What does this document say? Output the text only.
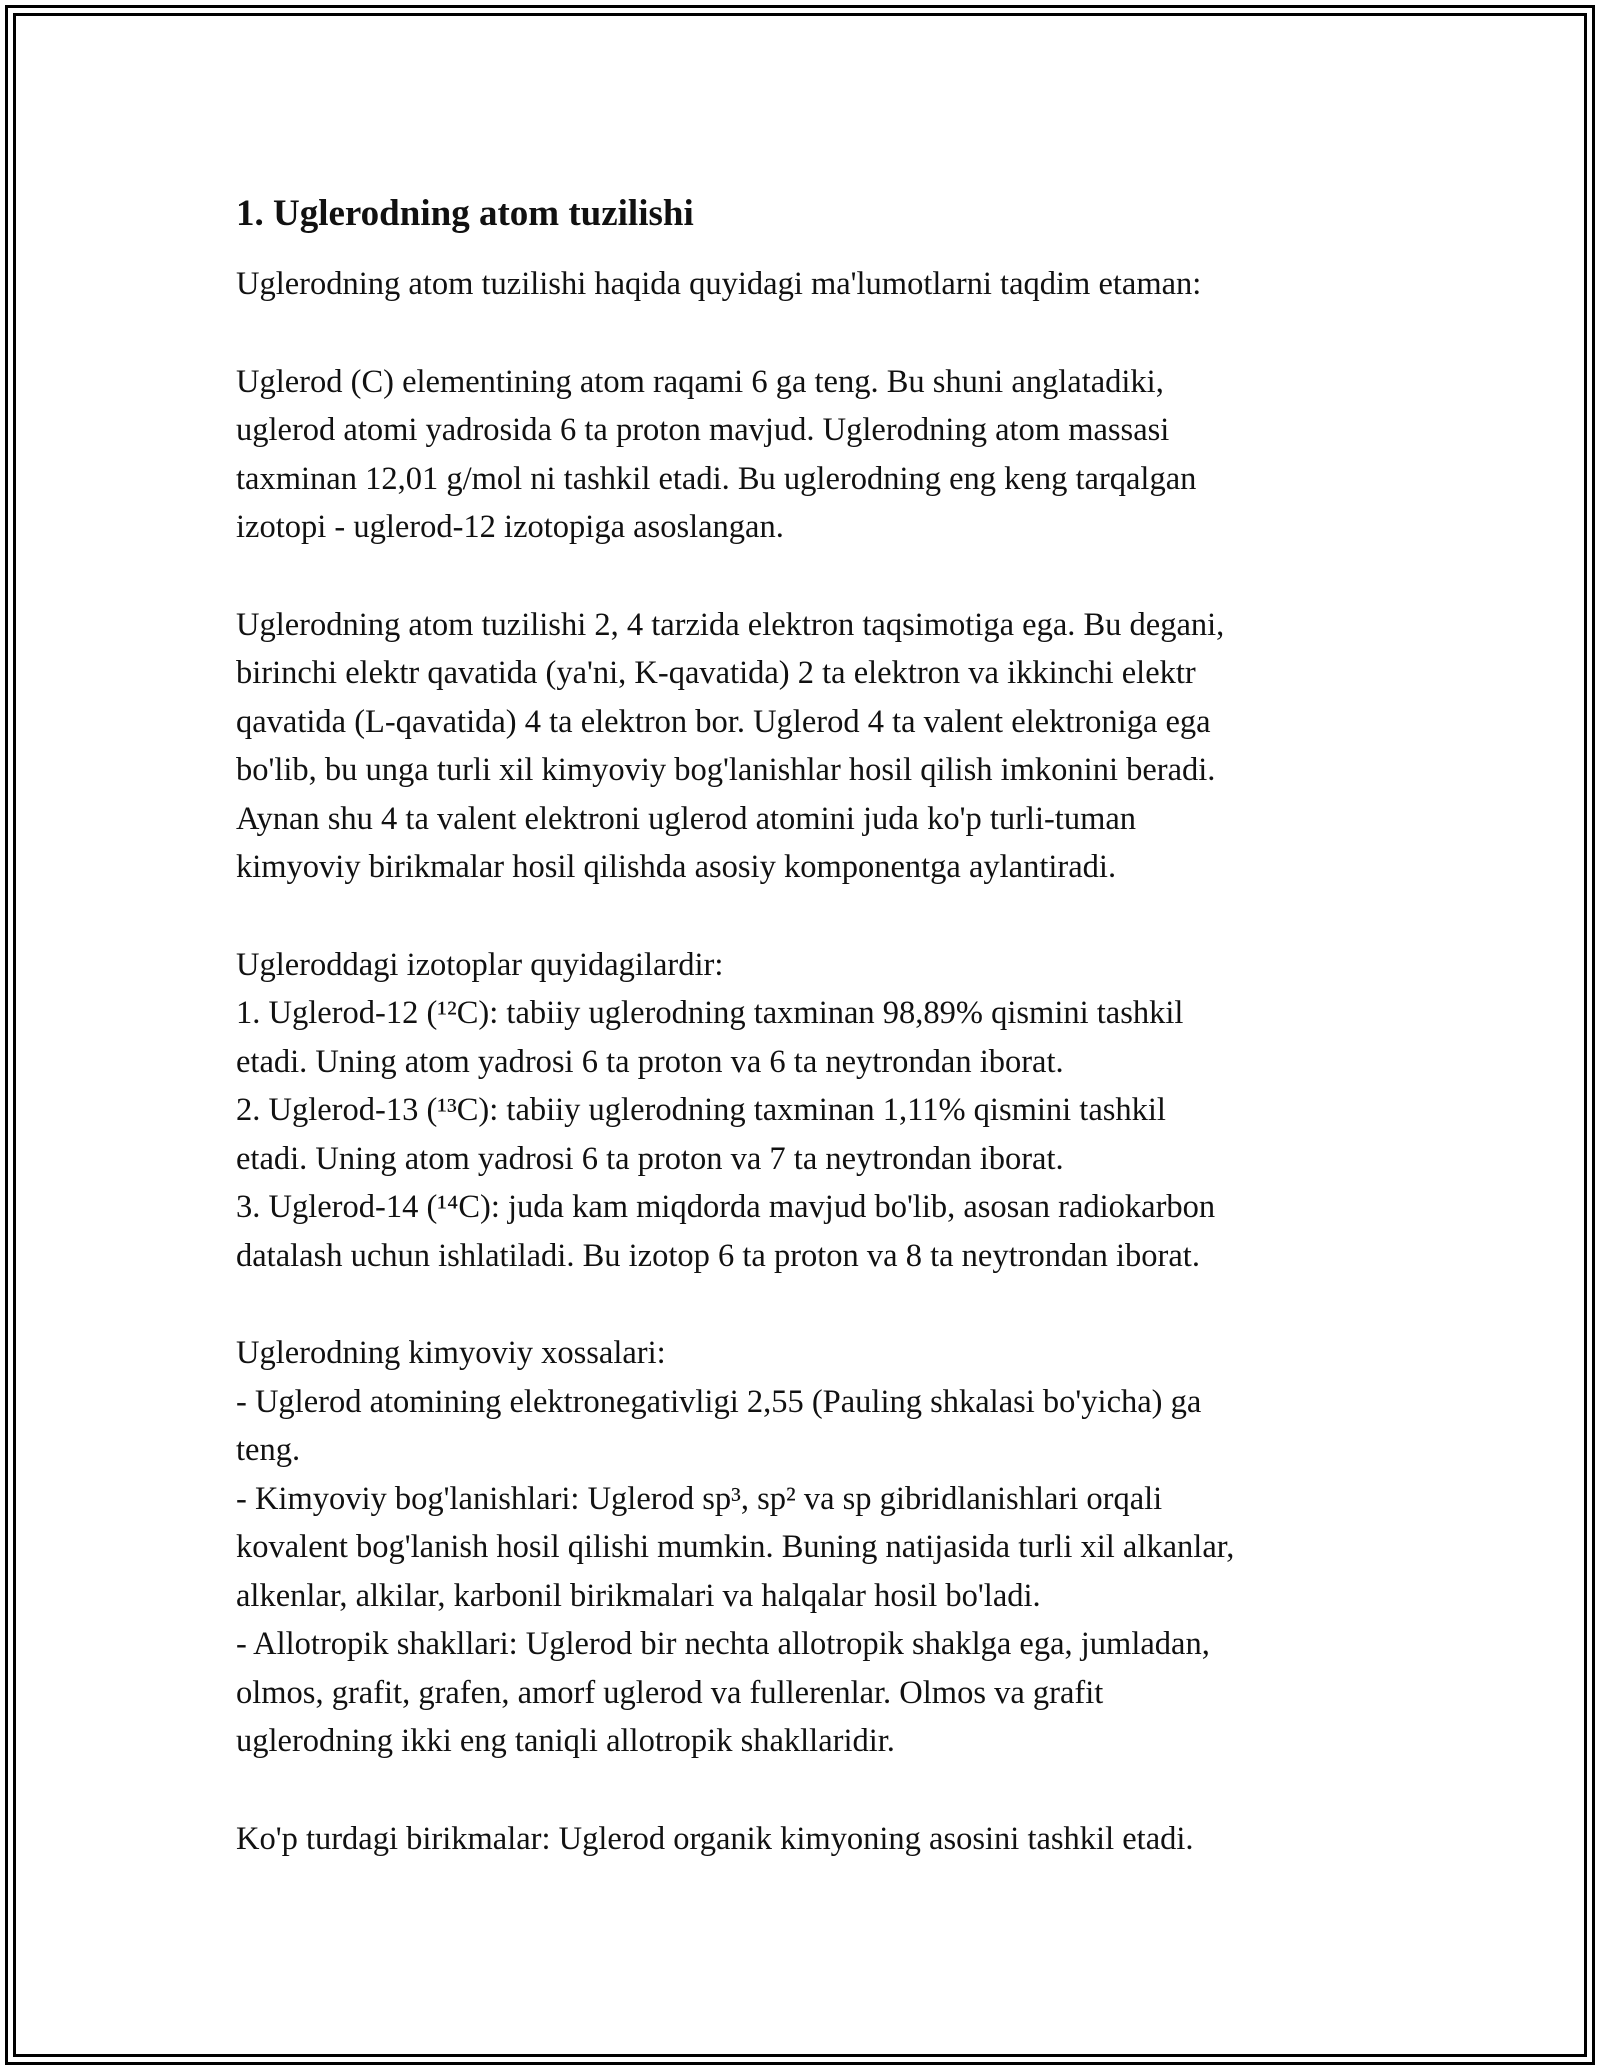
1. Uglerodning atom tuzilishi
Uglerodning atom tuzilishi haqida quyidagi ma'lumotlarni taqdim etaman:
Uglerod (C) elementining atom raqami 6 ga teng. Bu shuni anglatadiki,
uglerod atomi yadrosida 6 ta proton mavjud. Uglerodning atom massasi
taxminan 12,01 g/mol ni tashkil etadi. Bu uglerodning eng keng tarqalgan
izotopi - uglerod-12 izotopiga asoslangan.
Uglerodning atom tuzilishi 2, 4 tarzida elektron taqsimotiga ega. Bu degani,
birinchi elektr qavatida (ya'ni, K-qavatida) 2 ta elektron va ikkinchi elektr
qavatida (L-qavatida) 4 ta elektron bor. Uglerod 4 ta valent elektroniga ega
bo'lib, bu unga turli xil kimyoviy bog'lanishlar hosil qilish imkonini beradi.
Aynan shu 4 ta valent elektroni uglerod atomini juda ko'p turli-tuman
kimyoviy birikmalar hosil qilishda asosiy komponentga aylantiradi.
Ugleroddagi izotoplar quyidagilardir:
1. Uglerod-12 (¹²C): tabiiy uglerodning taxminan 98,89% qismini tashkil
etadi. Uning atom yadrosi 6 ta proton va 6 ta neytrondan iborat.
2. Uglerod-13 (¹³C): tabiiy uglerodning taxminan 1,11% qismini tashkil
etadi. Uning atom yadrosi 6 ta proton va 7 ta neytrondan iborat.
3. Uglerod-14 (¹⁴C): juda kam miqdorda mavjud bo'lib, asosan radiokarbon
datalash uchun ishlatiladi. Bu izotop 6 ta proton va 8 ta neytrondan iborat.
Uglerodning kimyoviy xossalari:
- Uglerod atomining elektronegativligi 2,55 (Pauling shkalasi bo'yicha) ga
teng.
- Kimyoviy bog'lanishlari: Uglerod sp³, sp² va sp gibridlanishlari orqali
kovalent bog'lanish hosil qilishi mumkin. Buning natijasida turli xil alkanlar,
alkenlar, alkilar, karbonil birikmalari va halqalar hosil bo'ladi.
- Allotropik shakllari: Uglerod bir nechta allotropik shaklga ega, jumladan,
olmos, grafit, grafen, amorf uglerod va fullerenlar. Olmos va grafit
uglerodning ikki eng taniqli allotropik shakllaridir.
Ko'p turdagi birikmalar: Uglerod organik kimyoning asosini tashkil etadi.
